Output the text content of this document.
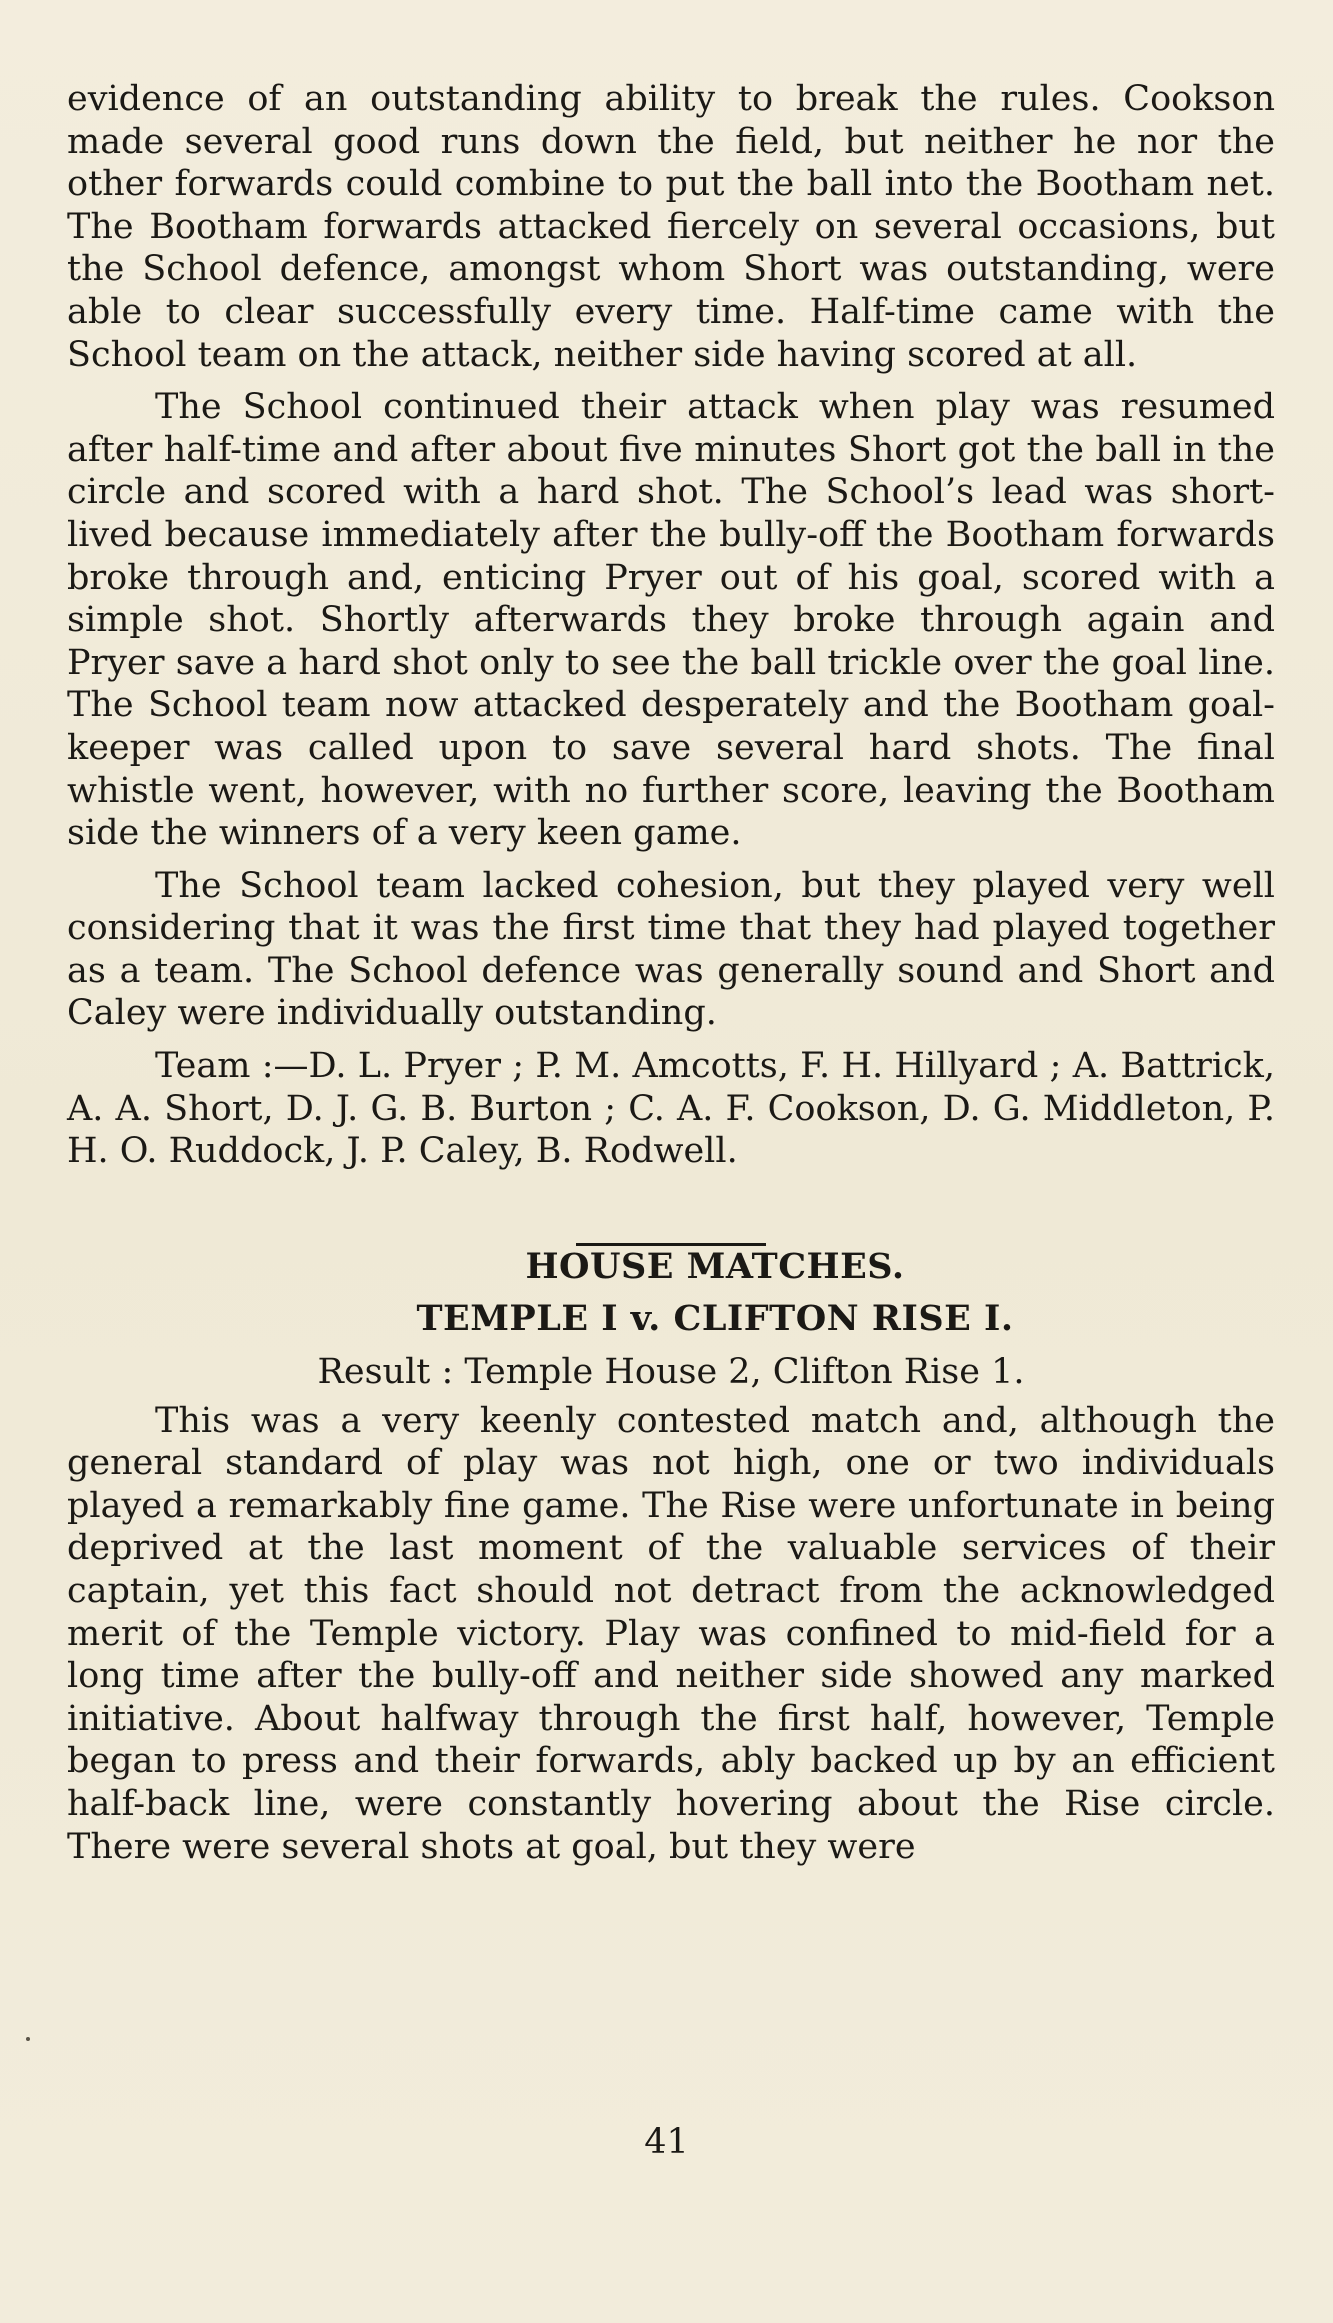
evidence of an outstanding ability to break the rules. Cookson made several good runs down the field, but neither he nor the other forwards could combine to put the ball into the Bootham net. The Bootham forwards attacked fiercely on several occasions, but the School defence, amongst whom Short was outstanding, were able to clear successfully every time. Half-time came with the School team on the attack, neither side having scored at all.

The School continued their attack when play was resumed after half-time and after about five minutes Short got the ball in the circle and scored with a hard shot. The School’s lead was short-lived because immediately after the bully-off the Bootham forwards broke through and, enticing Pryer out of his goal, scored with a simple shot. Shortly afterwards they broke through again and Pryer save a hard shot only to see the ball trickle over the goal line. The School team now attacked desperately and the Bootham goalkeeper was called upon to save several hard shots. The final whistle went, however, with no further score, leaving the Bootham side the winners of a very keen game.

The School team lacked cohesion, but they played very well considering that it was the first time that they had played together as a team. The School defence was generally sound and Short and Caley were individually outstanding.

Team :—D. L. Pryer ; P. M. Amcotts, F. H. Hillyard ; A. Battrick, A. A. Short, D. J. G. B. Burton ; C. A. F. Cookson, D. G. Middleton, P. H. O. Ruddock, J. P. Caley, B. Rodwell.

HOUSE MATCHES.

TEMPLE I v. CLIFTON RISE I.

Result : Temple House 2, Clifton Rise 1.

This was a very keenly contested match and, although the general standard of play was not high, one or two individuals played a remarkably fine game. The Rise were unfortunate in being deprived at the last moment of the valuable services of their captain, yet this fact should not detract from the acknowledged merit of the Temple victory. Play was confined to mid-field for a long time after the bully-off and neither side showed any marked initiative. About halfway through the first half, however, Temple began to press and their forwards, ably backed up by an efficient half-back line, were constantly hovering about the Rise circle. There were several shots at goal, but they were

41
